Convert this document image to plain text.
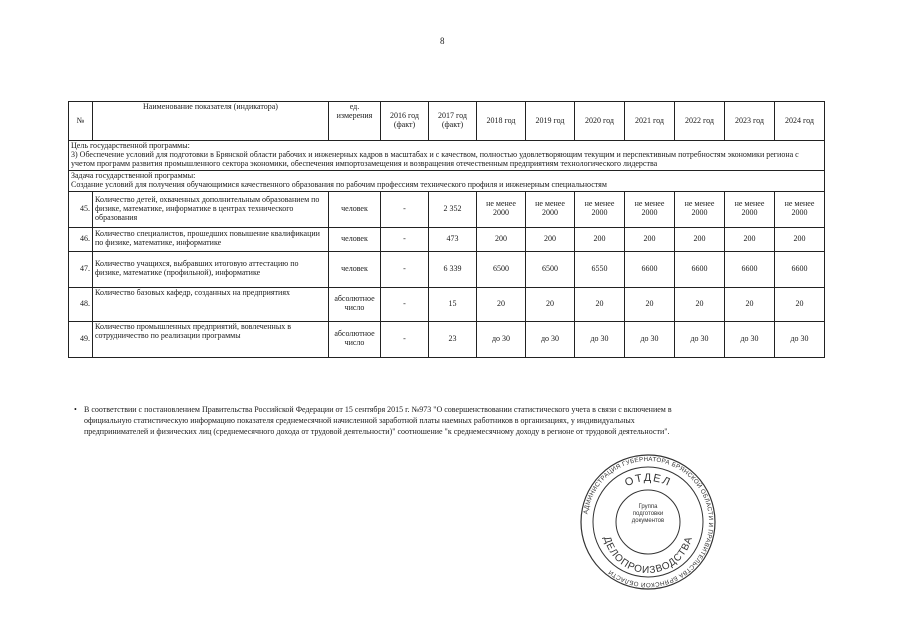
8
№	Наименование показателя (индикатора)	ед. измерения	2016 год (факт)	2017 год (факт)	2018 год	2019 год	2020 год	2021 год	2022 год	2023 год	2024 год

Цель государственной программы:
3) Обеспечение условий для подготовки в Брянской области рабочих и инженерных кадров в масштабах и с качеством, полностью удовлетворяющим текущим и перспективным потребностям экономики региона с учетом программ развития промышленного сектора экономики, обеспечения импортозамещения и возвращения отечественным предприятиям технологического лидерства											

Задача государственной программы:
Создание условий для получения обучающимися качественного образования по рабочим профессиям технического профиля и инженерным специальностям											

45.	Количество детей, охваченных дополнительным образованием по физике, математике, информатике в центрах технического образования	человек	-	2 352	не менее 2000	не менее 2000	не менее 2000	не менее 2000	не менее 2000	не менее 2000	не менее 2000
46.	Количество специалистов, прошедших повышение квалификации по физике, математике, информатике	человек	-	473	200	200	200	200	200	200	200
47.	Количество учащихся, выбравших итоговую аттестацию по физике, математике (профильной), информатике	человек	-	6 339	6500	6500	6550	6600	6600	6600	6600
48.	Количество базовых кафедр, созданных на предприятиях	абсолютное число	-	15	20	20	20	20	20	20	20
49.	Количество промышленных предприятий, вовлеченных в сотрудничество по реализации программы	абсолютное число	-	23	до 30	до 30	до 30	до 30	до 30	до 30	до 30
• В соответствии с постановлением Правительства Российской Федерации от 15 сентября 2015 г. №973 "О совершенствовании статистического учета в связи с включением в официальную статистическую информацию показателя среднемесячной начисленной заработной платы наемных работников в организациях, у индивидуальных предпринимателей и физических лиц (среднемесячного дохода от трудовой деятельности)" соотношение "к среднемесячному доходу в регионе от трудовой деятельности".
АДМИНИСТРАЦИЯ ГУБЕРНАТОРА БРЯНСКОЙ ОБЛАСТИ И ПРАВИТЕЛЬСТВА БРЯНСКОЙ ОБЛАСТИ
ОТДЕЛ
ДЕЛОПРОИЗВОДСТВА
Группа подготовки документов
